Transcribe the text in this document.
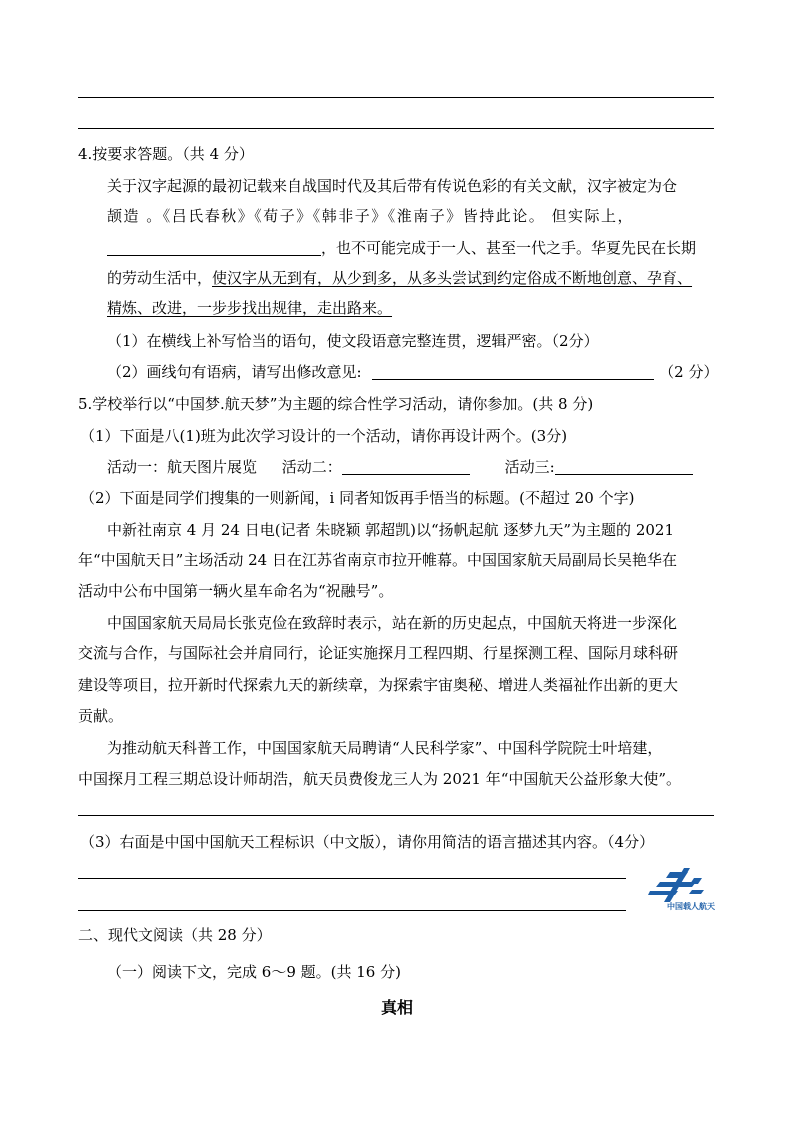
4.按要求答题。（共 4 分）
关于汉字起源的最初记载来自战国时代及其后带有传说色彩的有关文献，汉字被定为仓
颉造 。《吕氏春秋》《荀子》《韩非子》《淮南子》皆持此论。 但实际上，
，也不可能完成于一人、甚至一代之手。华夏先民在长期
的劳动生活中，使汉字从无到有，从少到多，从多头尝试到约定俗成不断地创意、孕育、
精炼、改进，一步步找出规律，走出路来。
（1）在横线上补写恰当的语句，使文段语意完整连贯，逻辑严密。（2分）
（2）画线句有语病，请写出修改意见:	（2 分）
5.学校举行以“中国梦.航天梦”为主题的综合性学习活动，请你参加。(共 8 分)
（1）下面是八(1)班为此次学习设计的一个活动，请你再设计两个。(3分)
活动一：航天图片展览 活动二：	活动三:
（2）下面是同学们搜集的一则新闻，i 同者知饭再手悟当的标题。(不超过 20 个字)
中新社南京 4 月 24 日电(记者 朱晓颖 郭超凯)以“扬帆起航 逐梦九天”为主题的 2021
年“中国航天日”主场活动 24 日在江苏省南京市拉开帷幕。中国国家航天局副局长吴艳华在
活动中公布中国第一辆火星车命名为“祝融号”。
中国国家航天局局长张克俭在致辞时表示，站在新的历史起点，中国航天将进一步深化
交流与合作，与国际社会并肩同行，论证实施探月工程四期、行星探测工程、国际月球科研
建设等项目，拉开新时代探索九天的新续章，为探索宇宙奥秘、增进人类福祉作出新的更大
贡献。
为推动航天科普工作，中国国家航天局聘请“人民科学家”、中国科学院院士叶培建，
中国探月工程三期总设计师胡浩，航天员费俊龙三人为 2021 年“中国航天公益形象大使”。
（3）右面是中国中国航天工程标识（中文版），请你用简洁的语言描述其内容。（4分）
中国载人航天
二、现代文阅读（共 28 分）
（一）阅读下文，完成 6～9 题。(共 16 分)
真相
